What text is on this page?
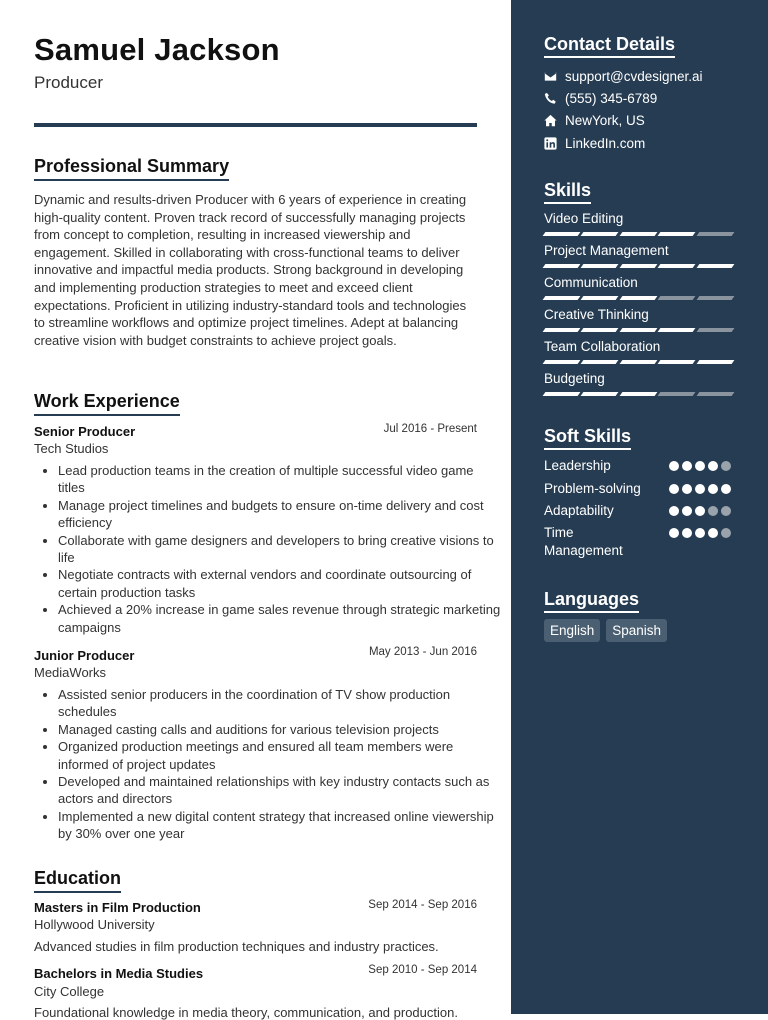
Samuel Jackson
Producer
Professional Summary

Dynamic and results-driven Producer with 6 years of experience in creating high-quality content. Proven track record of successfully managing projects from concept to completion, resulting in increased viewership and engagement. Skilled in collaborating with cross-functional teams to deliver innovative and impactful media products. Strong background in developing and implementing production strategies to meet and exceed client expectations. Proficient in utilizing industry-standard tools and technologies to streamline workflows and optimize project timelines. Adept at balancing creative vision with budget constraints to achieve project goals.

Work Experience
Senior Producer	Jul 2016 - Present
Tech Studios
• Lead production teams in the creation of multiple successful video game titles
• Manage project timelines and budgets to ensure on-time delivery and cost efficiency
• Collaborate with game designers and developers to bring creative visions to life
• Negotiate contracts with external vendors and coordinate outsourcing of certain production tasks
• Achieved a 20% increase in game sales revenue through strategic marketing campaigns
Junior Producer	May 2013 - Jun 2016
MediaWorks
• Assisted senior producers in the coordination of TV show production schedules
• Managed casting calls and auditions for various television projects
• Organized production meetings and ensured all team members were informed of project updates
• Developed and maintained relationships with key industry contacts such as actors and directors
• Implemented a new digital content strategy that increased online viewership by 30% over one year
Education
Masters in Film Production	Sep 2014 - Sep 2016
Hollywood University
Advanced studies in film production techniques and industry practices.
Bachelors in Media Studies	Sep 2010 - Sep 2014
City College
Foundational knowledge in media theory, communication, and production.
Contact Details
support@cvdesigner.ai
(555) 345-6789
NewYork, US
LinkedIn.com
Skills
Video Editing
Project Management
Communication
Creative Thinking
Team Collaboration
Budgeting
Soft Skills
Leadership
Problem-solving
Adaptability
Time Management
Languages
English	Spanish
